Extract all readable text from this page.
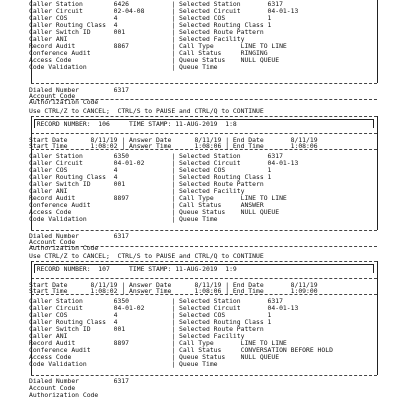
Caller Station        6426           | Selected Station       6317
Caller Circuit        02-04-08       | Selected Circuit       04-01-13
Caller COS            4              | Selected COS           1
Caller Routing Class  4              | Selected Routing Class 1
Caller Switch ID      001            | Selected Route Pattern
Caller ANI                           | Selected Facility
Record Audit          8867           | Call Type       LINE TO LINE
Conference Audit                     | Call Status     RINGING
Access Code                          | Queue Status    NULL QUEUE
Code Validation                      | Queue Time
Dialed Number         6317
Account Code
Authorization Code
Use CTRL/Z to CANCEL;  CTRL/S to PAUSE and CTRL/Q to CONTINUE
RECORD NUMBER:  106     TIME STAMP: 11-AUG-2019  1:8
Start Date      8/11/19 | Answer Date      8/11/19 | End Date       8/11/19
Start Time      1:08:02 | Answer Time      1:08:06 | End Time       1:08:06
Caller Station        6350           | Selected Station       6317
Caller Circuit        04-01-02       | Selected Circuit       04-01-13
Caller COS            4              | Selected COS           1
Caller Routing Class  4              | Selected Routing Class 1
Caller Switch ID      001            | Selected Route Pattern
Caller ANI                           | Selected Facility
Record Audit          8897           | Call Type       LINE TO LINE
Conference Audit                     | Call Status     ANSWER
Access Code                          | Queue Status    NULL QUEUE
Code Validation                      | Queue Time
Dialed Number         6317
Account Code
Authorization Code
Use CTRL/Z to CANCEL;  CTRL/S to PAUSE and CTRL/Q to CONTINUE
RECORD NUMBER:  107     TIME STAMP: 11-AUG-2019  1:9
Start Date      8/11/19 | Answer Date      8/11/19 | End Date       8/11/19
Start Time      1:08:02 | Answer Time      1:08:06 | End Time       1:09:00
Caller Station        6350           | Selected Station       6317
Caller Circuit        04-01-02       | Selected Circuit       04-01-13
Caller COS            4              | Selected COS           1
Caller Routing Class  4              | Selected Routing Class 1
Caller Switch ID      001            | Selected Route Pattern
Caller ANI                           | Selected Facility
Record Audit          8897           | Call Type       LINE TO LINE
Conference Audit                     | Call Status     CONVERSATION BEFORE HOLD
Access Code                          | Queue Status    NULL QUEUE
Code Validation                      | Queue Time
Dialed Number         6317
Account Code
Authorization Code
